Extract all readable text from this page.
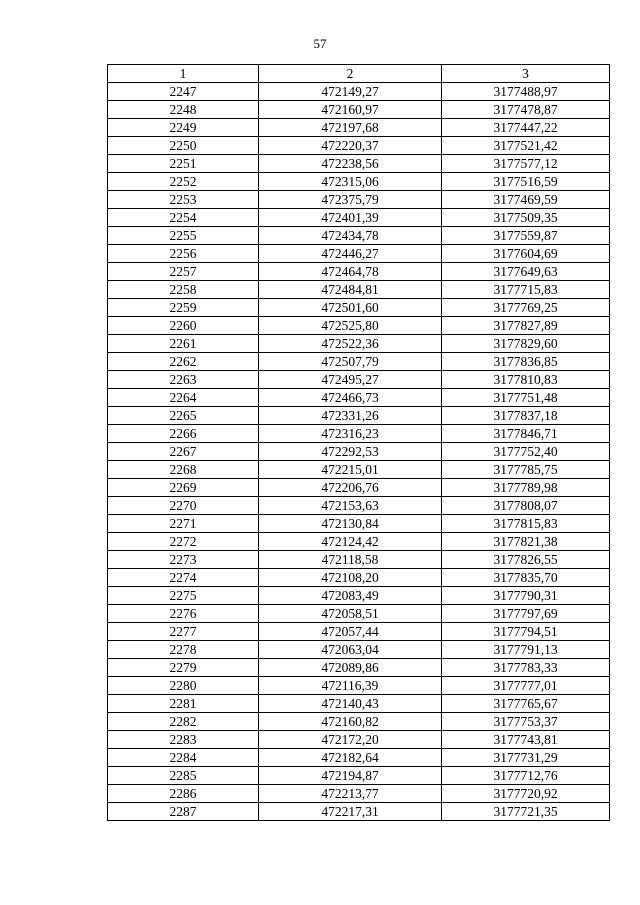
57
1	2	3
2247	472149,27	3177488,97
2248	472160,97	3177478,87
2249	472197,68	3177447,22
2250	472220,37	3177521,42
2251	472238,56	3177577,12
2252	472315,06	3177516,59
2253	472375,79	3177469,59
2254	472401,39	3177509,35
2255	472434,78	3177559,87
2256	472446,27	3177604,69
2257	472464,78	3177649,63
2258	472484,81	3177715,83
2259	472501,60	3177769,25
2260	472525,80	3177827,89
2261	472522,36	3177829,60
2262	472507,79	3177836,85
2263	472495,27	3177810,83
2264	472466,73	3177751,48
2265	472331,26	3177837,18
2266	472316,23	3177846,71
2267	472292,53	3177752,40
2268	472215,01	3177785,75
2269	472206,76	3177789,98
2270	472153,63	3177808,07
2271	472130,84	3177815,83
2272	472124,42	3177821,38
2273	472118,58	3177826,55
2274	472108,20	3177835,70
2275	472083,49	3177790,31
2276	472058,51	3177797,69
2277	472057,44	3177794,51
2278	472063,04	3177791,13
2279	472089,86	3177783,33
2280	472116,39	3177777,01
2281	472140,43	3177765,67
2282	472160,82	3177753,37
2283	472172,20	3177743,81
2284	472182,64	3177731,29
2285	472194,87	3177712,76
2286	472213,77	3177720,92
2287	472217,31	3177721,35
